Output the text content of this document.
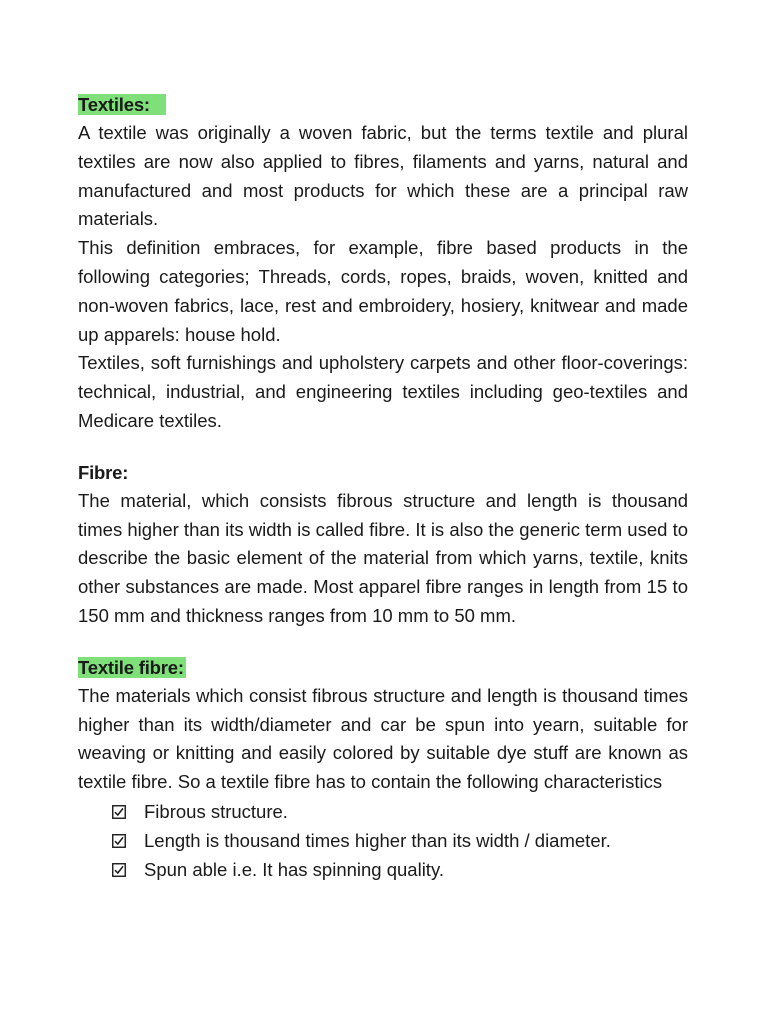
Textiles:

A textile was originally a woven fabric, but the terms textile and plural textiles are now also applied to fibres, filaments and yarns, natural and manufactured and most products for which these are a principal raw materials.

This definition embraces, for example, fibre based products in the following categories; Threads, cords, ropes, braids, woven, knitted and non-woven fabrics, lace, rest and embroidery, hosiery, knitwear and made up apparels: house hold.

Textiles, soft furnishings and upholstery carpets and other floor-coverings: technical, industrial, and engineering textiles including geo-textiles and Medicare textiles.

Fibre:

The material, which consists fibrous structure and length is thousand times higher than its width is called fibre. It is also the generic term used to describe the basic element of the material from which yarns, textile, knits other substances are made. Most apparel fibre ranges in length from 15 to 150 mm and thickness ranges from 10 mm to 50 mm.

Textile fibre:

The materials which consist fibrous structure and length is thousand times higher than its width/diameter and car be spun into yearn, suitable for weaving or knitting and easily colored by suitable dye stuff are known as textile fibre. So a textile fibre has to contain the following characteristics

Fibrous structure.
Length is thousand times higher than its width / diameter.
Spun able i.e. It has spinning quality.
